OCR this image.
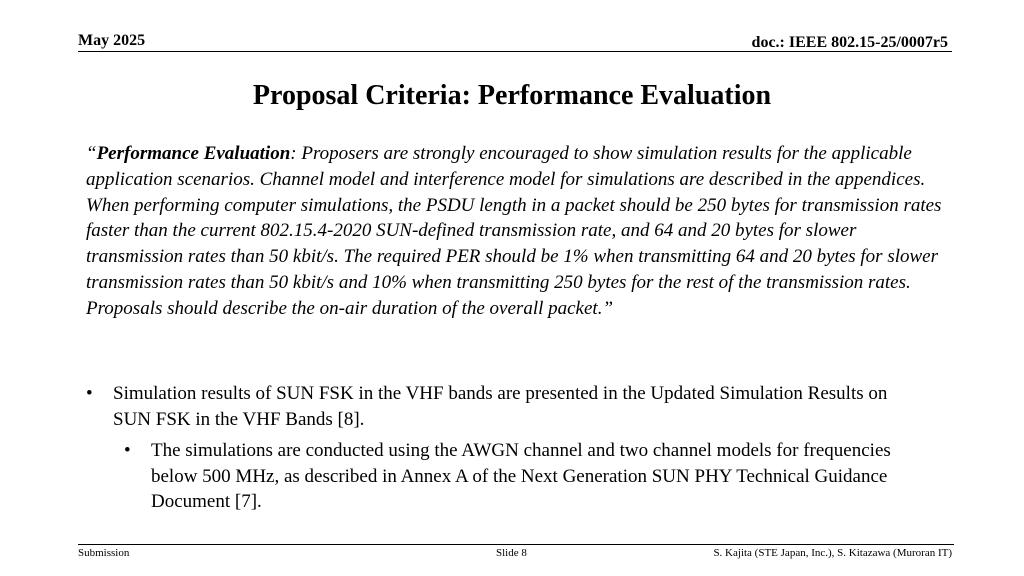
May 2025	doc.: IEEE 802.15-25/0007r5
Proposal Criteria: Performance Evaluation
“Performance Evaluation: Proposers are strongly encouraged to show simulation results for the applicable application scenarios. Channel model and interference model for simulations are described in the appendices. When performing computer simulations, the PSDU length in a packet should be 250 bytes for transmission rates faster than the current 802.15.4-2020 SUN-defined transmission rate, and 64 and 20 bytes for slower transmission rates than 50 kbit/s. The required PER should be 1% when transmitting 64 and 20 bytes for slower transmission rates than 50 kbit/s and 10% when transmitting 250 bytes for the rest of the transmission rates. Proposals should describe the on-air duration of the overall packet.”
•	Simulation results of SUN FSK in the VHF bands are presented in the Updated Simulation Results on SUN FSK in the VHF Bands [8].
•	The simulations are conducted using the AWGN channel and two channel models for frequencies below 500 MHz, as described in Annex A of the Next Generation SUN PHY Technical Guidance Document [7].
Submission	Slide 8	S. Kajita (STE Japan, Inc.), S. Kitazawa (Muroran IT)
